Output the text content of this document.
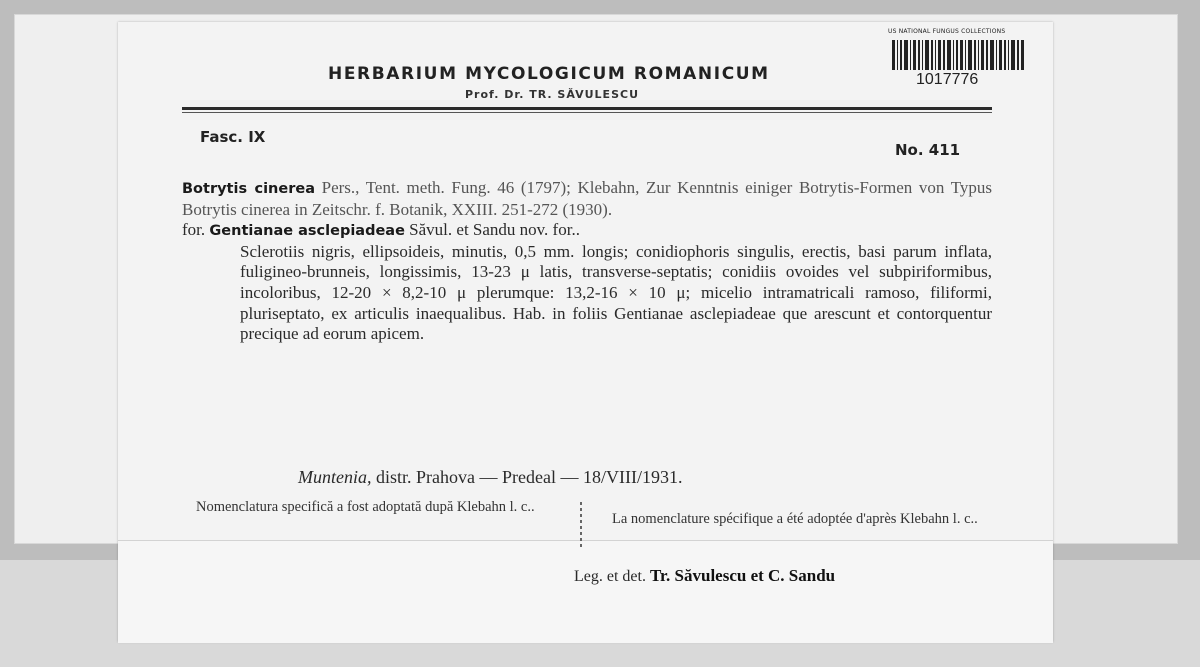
HERBARIUM MYCOLOGICUM ROMANICUM
Prof. Dr. TR. SĂVULESCU
US NATIONAL FUNGUS COLLECTIONS
1017776
Fasc. IX
No. 411

Botrytis cinerea Pers., Tent. meth. Fung. 46 (1797); Klebahn, Zur Kenntnis einiger Botrytis-Formen von Typus Botrytis cinerea in Zeitschr. f. Botanik, XXIII. 251-272 (1930).

for. Gentianae asclepiadeae Săvul. et Sandu nov. for..

Sclerotiis nigris, ellipsoideis, minutis, 0,5 mm. longis; conidiophoris singulis, erectis, basi parum inflata, fuligineo-brunneis, longissimis, 13-23 μ latis, transverse-septatis; conidiis ovoides vel subpiriformibus, incoloribus, 12-20 × 8,2-10 μ plerumque: 13,2-16 × 10 μ; micelio intramatricali ramoso, filiformi, pluriseptato, ex articulis inaequalibus. Hab. in foliis Gentianae asclepiadeae que arescunt et contorquentur precique ad eorum apicem.

Muntenia, distr. Prahova — Predeal — 18/VIII/1931.
Nomenclatura specifică a fost adoptată după Klebahn l. c..
La nomenclature spécifique a été adoptée d'après Klebahn l. c..
Leg. et det. Tr. Săvulescu et C. Sandu
